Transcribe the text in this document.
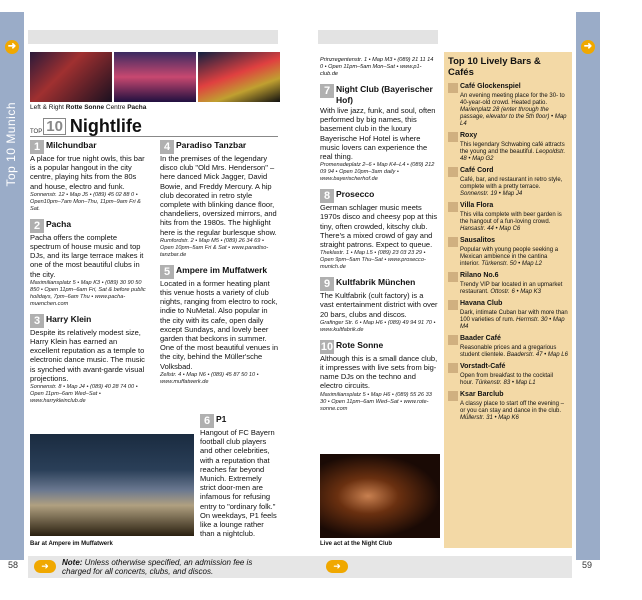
➜
Top 10 Munich
➜
Top 10 Munich
Left & Right Rotte Sonne Centre Pacha
TOP 10 Nightlife
1 Milchundbar
A place for true night owls, this bar is a popular hangout in the city centre, playing hits from the 80s and house, electro and funk.
Sonnenstr. 12 • Map J5 • (089) 45 02 88 0 • Open10pm–7am Mon–Thu, 11pm–9am Fri & Sat.
2 Pacha
Pacha offers the complete spectrum of house music and top DJs, and its large terrace makes it one of the most beautiful clubs in the city.
Maximiliansplatz 5 • Map K3 • (089) 30 90 50 850 • Open 11pm–6am Fri, Sat & before public holidays, 7pm–6am Thu • www.pacha-muenchen.com
3 Harry Klein
Despite its relatively modest size, Harry Klein has earned an excellent reputation as a temple to electronic dance music. The music is synched with avant-garde visual projections.
Sonnenstr. 8 • Map J4 • (089) 40 28 74 00 • Open 11pm–6am Wed–Sat • www.harrykleinclub.de
4 Paradiso Tanzbar
In the premises of the legendary disco club "Old Mrs. Henderson" – here danced Mick Jagger, David Bowie, and Freddy Mercury. A hip club decorated in retro style complete with blinking dance floor, chandeliers, oversized mirrors, and hits from the 1980s. The highlight here is the regular burlesque show.
Rumfordstr. 2 • Map M5 • (089) 26 34 69 • Open 10pm–5am Fri & Sat • www.paradiso-tanzbar.de
5 Ampere im Muffatwerk
Located in a former heating plant this venue hosts a variety of club nights, ranging from electro to rock, indie to NuMetal. Also popular in the city with its cafe, open daily except Sundays, and lovely beer garden that beckons in summer. One of the most beautiful venues in the city, behind the Müller'sche Volksbad.
Zellstr. 4 • Map N6 • (089) 45 87 50 10 • www.muffatwerk.de
Bar at Ampere im Muffatwerk
6 P1
Hangout of FC Bayern football club players and other celebrities, with a reputation that reaches far beyond Munich. Extremely strict door-men are infamous for refusing entry to "ordinary folk." On weekdays, P1 feels like a lounge rather than a nightclub.
Prinzregentenstr. 1 • Map M3 • (089) 21 11 14 0 • Open 11pm–5am Mon–Sat • www.p1-club.de
7 Night Club (Bayerischer Hof)
With live jazz, funk, and soul, often performed by big names, this basement club in the luxury Bayerische Hof Hotel is where music lovers can experience the real thing.
Promenadeplatz 2–6 • Map K4–L4 • (089) 212 09 94 • Open 10pm–3am daily • www.bayerischerhof.de
8 Prosecco
German schlager music meets 1970s disco and cheesy pop at this tiny, often crowded, kitschy club. There's a mixed crowd of gay and straight patrons. Expect to queue.
Theklastr. 1 • Map L5 • (089) 23 03 23 29 • Open 9pm–5am Thu–Sat • www.prosecco-munich.de
9 Kultfabrik München
The Kultfabrik (cult factory) is a vast entertainment district with over 20 bars, clubs and discos.
Grafinger Str. 6 • Map H6 • (089) 49 94 91 70 • www.kultfabrik.de
10 Rote Sonne
Although this is a small dance club, it impresses with live sets from big-name DJs on the techno and electro circuits.
Maximiliansplatz 5 • Map H6 • (089) 55 26 33 30 • Open 11pm–6am Wed–Sat • www.rote-sonne.com
Live act at the Night Club
Top 10 Lively Bars & Cafés
Café Glockenspiel
An evening meeting place for the 30- to 40-year-old crowd. Heated patio. Marienplatz 28 (enter through the passage, elevator to the 5th floor) • Map L4
Roxy
This legendary Schwabing café attracts the young and the beautiful. Leopoldstr. 48 • Map G2
Café Cord
Café, bar, and restaurant in retro style, complete with a pretty terrace. Sonnenstr. 19 • Map J4
Villa Flora
This villa complete with beer garden is the hangout of a fun-loving crowd. Hansastr. 44 • Map C6
Sausalitos
Popular with young people seeking a Mexican ambience in the cantina interior. Türkenstr. 50 • Map L2
Rilano No.6
Trendy VIP bar located in an upmarket restaurant. Ottostr. 6 • Map K3
Havana Club
Dark, intimate Cuban bar with more than 100 varieties of rum. Herrnstr. 30 • Map M4
Baader Café
Reasonable prices and a gregarious student clientele. Baaderstr. 47 • Map L6
Vorstadt-Café
Open from breakfast to the cocktail hour. Türkenstr. 83 • Map L1
Ksar Barclub
A classy place to start off the evening – or you can stay and dance in the club. Müllerstr. 31 • Map K6
➜	Note: Unless otherwise specified, an admission fee is charged for all concerts, clubs, and discos.
➜
58	59
